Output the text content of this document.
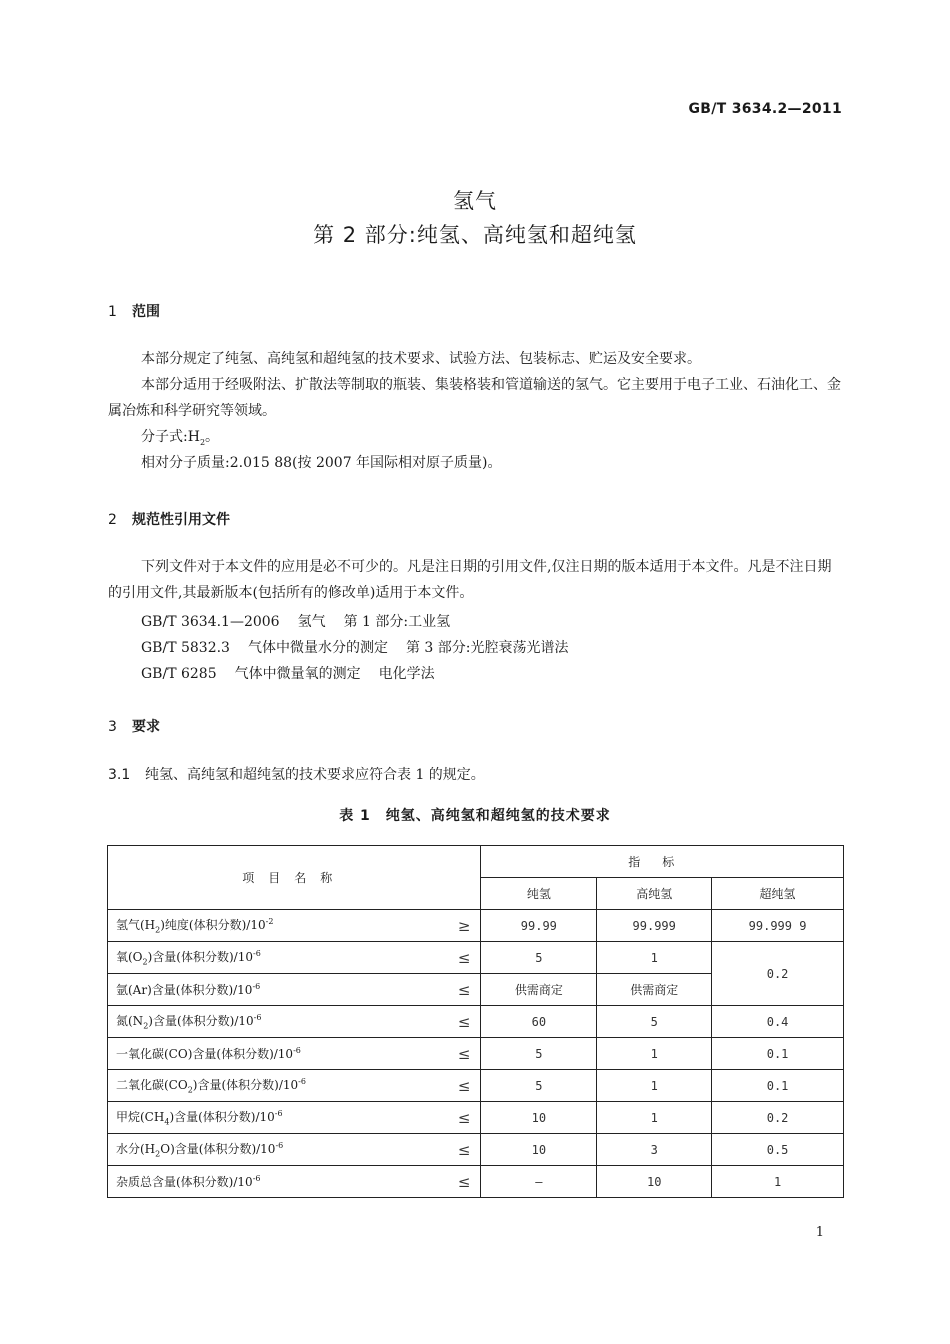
GB/T 3634.2—2011
氢气
第 2 部分:纯氢、高纯氢和超纯氢
1 范围

本部分规定了纯氢、高纯氢和超纯氢的技术要求、试验方法、包装标志、贮运及安全要求。

本部分适用于经吸附法、扩散法等制取的瓶装、集装格装和管道输送的氢气。它主要用于电子工业、石油化工、金属冶炼和科学研究等领域。

分子式$:H_2$。

相对分子质量:2.015 88(按 2007 年国际相对原子质量)。

2 规范性引用文件

下列文件对于本文件的应用是必不可少的。凡是注日期的引用文件,仅注日期的版本适用于本文件。凡是不注日期的引用文件,其最新版本(包括所有的修改单)适用于本文件。

GB/T 3634.1—2006 氢气 第 1 部分:工业氢
GB/T 5832.3 气体中微量水分的测定 第 3 部分:光腔衰荡光谱法
GB/T 6285 气体中微量氧的测定 电化学法
3 要求
3.1 纯氢、高纯氢和超纯氢的技术要求应符合表 1 的规定。
表 1　纯氢、高纯氢和超纯氢的技术要求
项目名称	指标		
	纯氢	高纯氢	超纯氢
氢气$(H_2)$纯度(体积分数)$/10^{-2}$ ≥	99.99	99.999	99.999 9
氧$(O_2)$含量(体积分数)$/10^{-6}$ ≤	5	1	0.2
氩(Ar)含量(体积分数)$/10^{-6}$ ≤	供需商定	供需商定	
氮$(N_2)$含量(体积分数)$/10^{-6}$ ≤	60	5	0.4
一氧化碳(CO)含量(体积分数)$/10^{-6}$ ≤	5	1	0.1
二氧化碳$(CO_2)$含量(体积分数)$/10^{-6}$ ≤	5	1	0.1
甲烷$(CH_4)$含量(体积分数)$/10^{-6}$ ≤	10	1	0.2
水分$(H_2O)$含量(体积分数)$/10^{-6}$ ≤	10	3	0.5
杂质总含量(体积分数)$/10^{-6}$ ≤	—	10	1
1
